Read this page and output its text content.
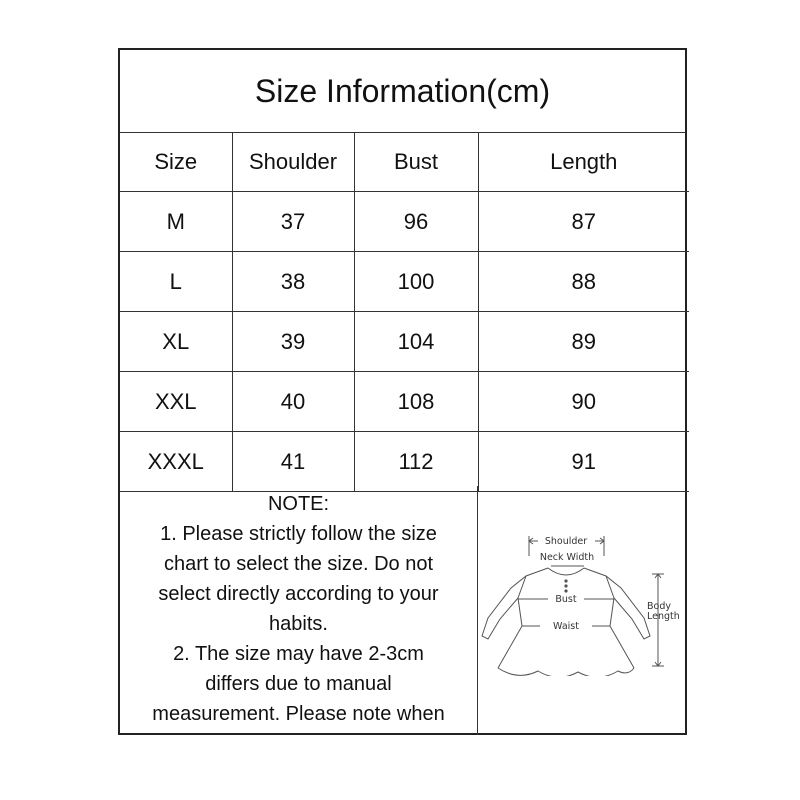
Size Information(cm)
Size	Shoulder	Bust	Length
M	37	96	87
L	38	100	88
XL	39	104	89
XXL	40	108	90
XXXL	41	112	91
NOTE:
1. Please strictly follow the size
chart to select the size. Do not
select directly according to your
habits.
2. The size may have 2-3cm
differs due to manual
measurement. Please note when
Shoulder
Neck Width
Body
Length
Bust
Waist
